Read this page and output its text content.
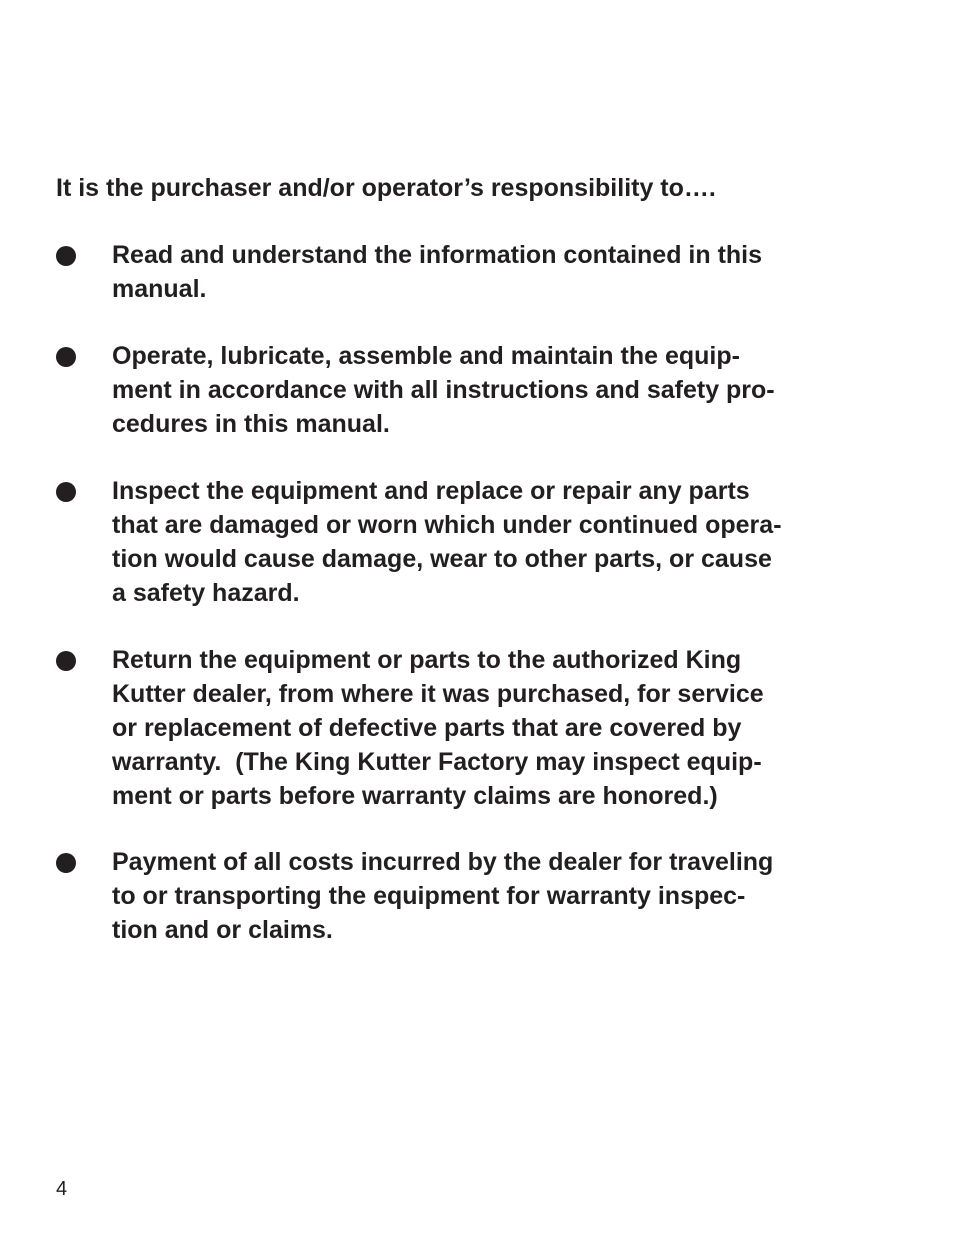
It is the purchaser and/or operator’s responsibility to….

Read and understand the information contained in this
manual.
Operate, lubricate, assemble and maintain the equip-
ment in accordance with all instructions and safety pro-
cedures in this manual.
Inspect the equipment and replace or repair any parts
that are damaged or worn which under continued opera-
tion would cause damage, wear to other parts, or cause
a safety hazard.
Return the equipment or parts to the authorized King
Kutter dealer, from where it was purchased, for service
or replacement of defective parts that are covered by
warranty.  (The King Kutter Factory may inspect equip-
ment or parts before warranty claims are honored.)
Payment of all costs incurred by the dealer for traveling
to or transporting the equipment for warranty inspec-
tion and or claims.
4
